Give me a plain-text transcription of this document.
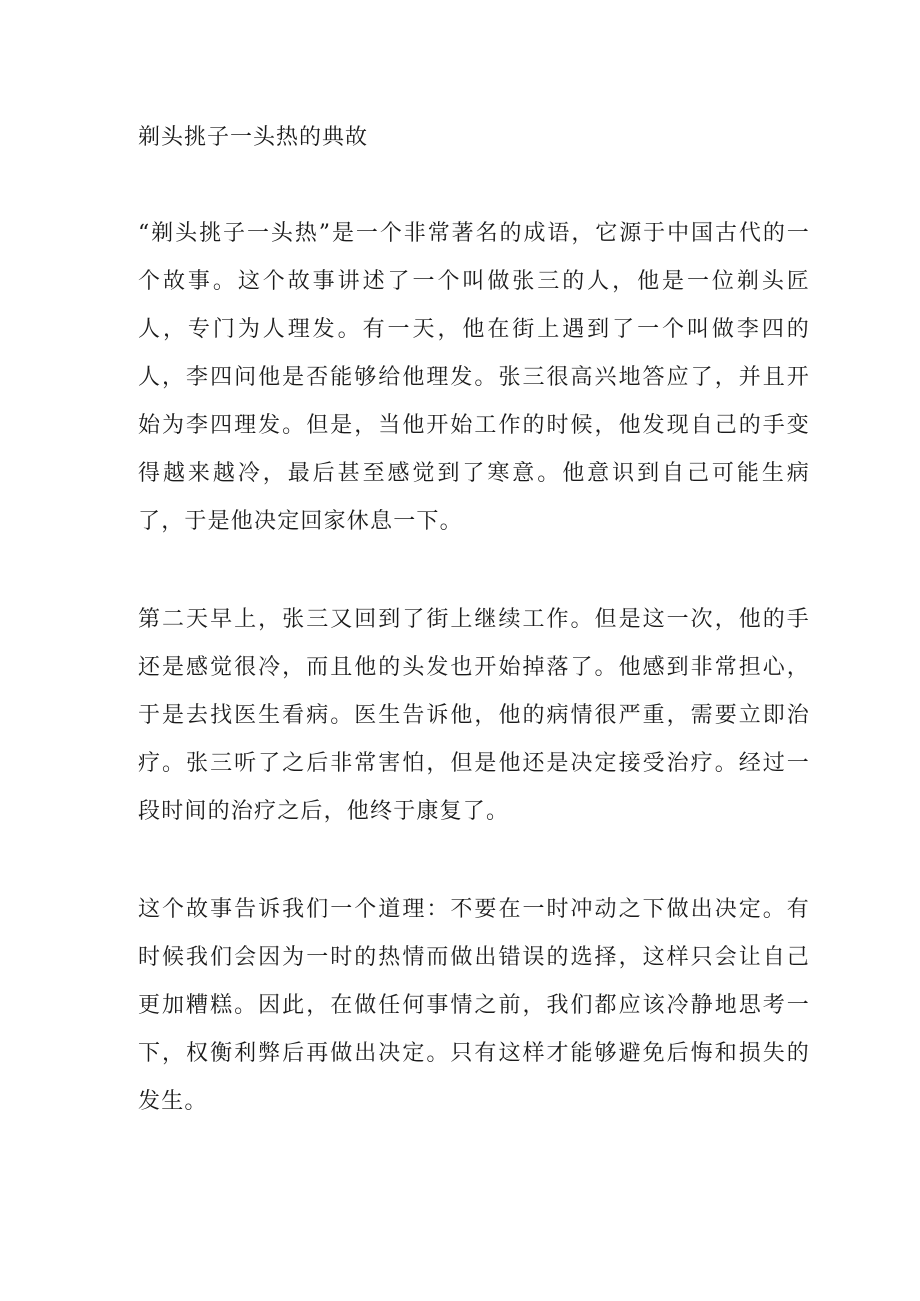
剃头挑子一头热的典故

“剃头挑子一头热”是一个非常著名的成语，它源于中国古代的一个故事。这个故事讲述了一个叫做张三的人，他是一位剃头匠人，专门为人理发。有一天，他在街上遇到了一个叫做李四的人，李四问他是否能够给他理发。张三很高兴地答应了，并且开始为李四理发。但是，当他开始工作的时候，他发现自己的手变得越来越冷，最后甚至感觉到了寒意。他意识到自己可能生病了，于是他决定回家休息一下。

第二天早上，张三又回到了街上继续工作。但是这一次，他的手还是感觉很冷，而且他的头发也开始掉落了。他感到非常担心，于是去找医生看病。医生告诉他，他的病情很严重，需要立即治疗。张三听了之后非常害怕，但是他还是决定接受治疗。经过一段时间的治疗之后，他终于康复了。

这个故事告诉我们一个道理：不要在一时冲动之下做出决定。有时候我们会因为一时的热情而做出错误的选择，这样只会让自己更加糟糕。因此，在做任何事情之前，我们都应该冷静地思考一下，权衡利弊后再做出决定。只有这样才能够避免后悔和损失的发生。
